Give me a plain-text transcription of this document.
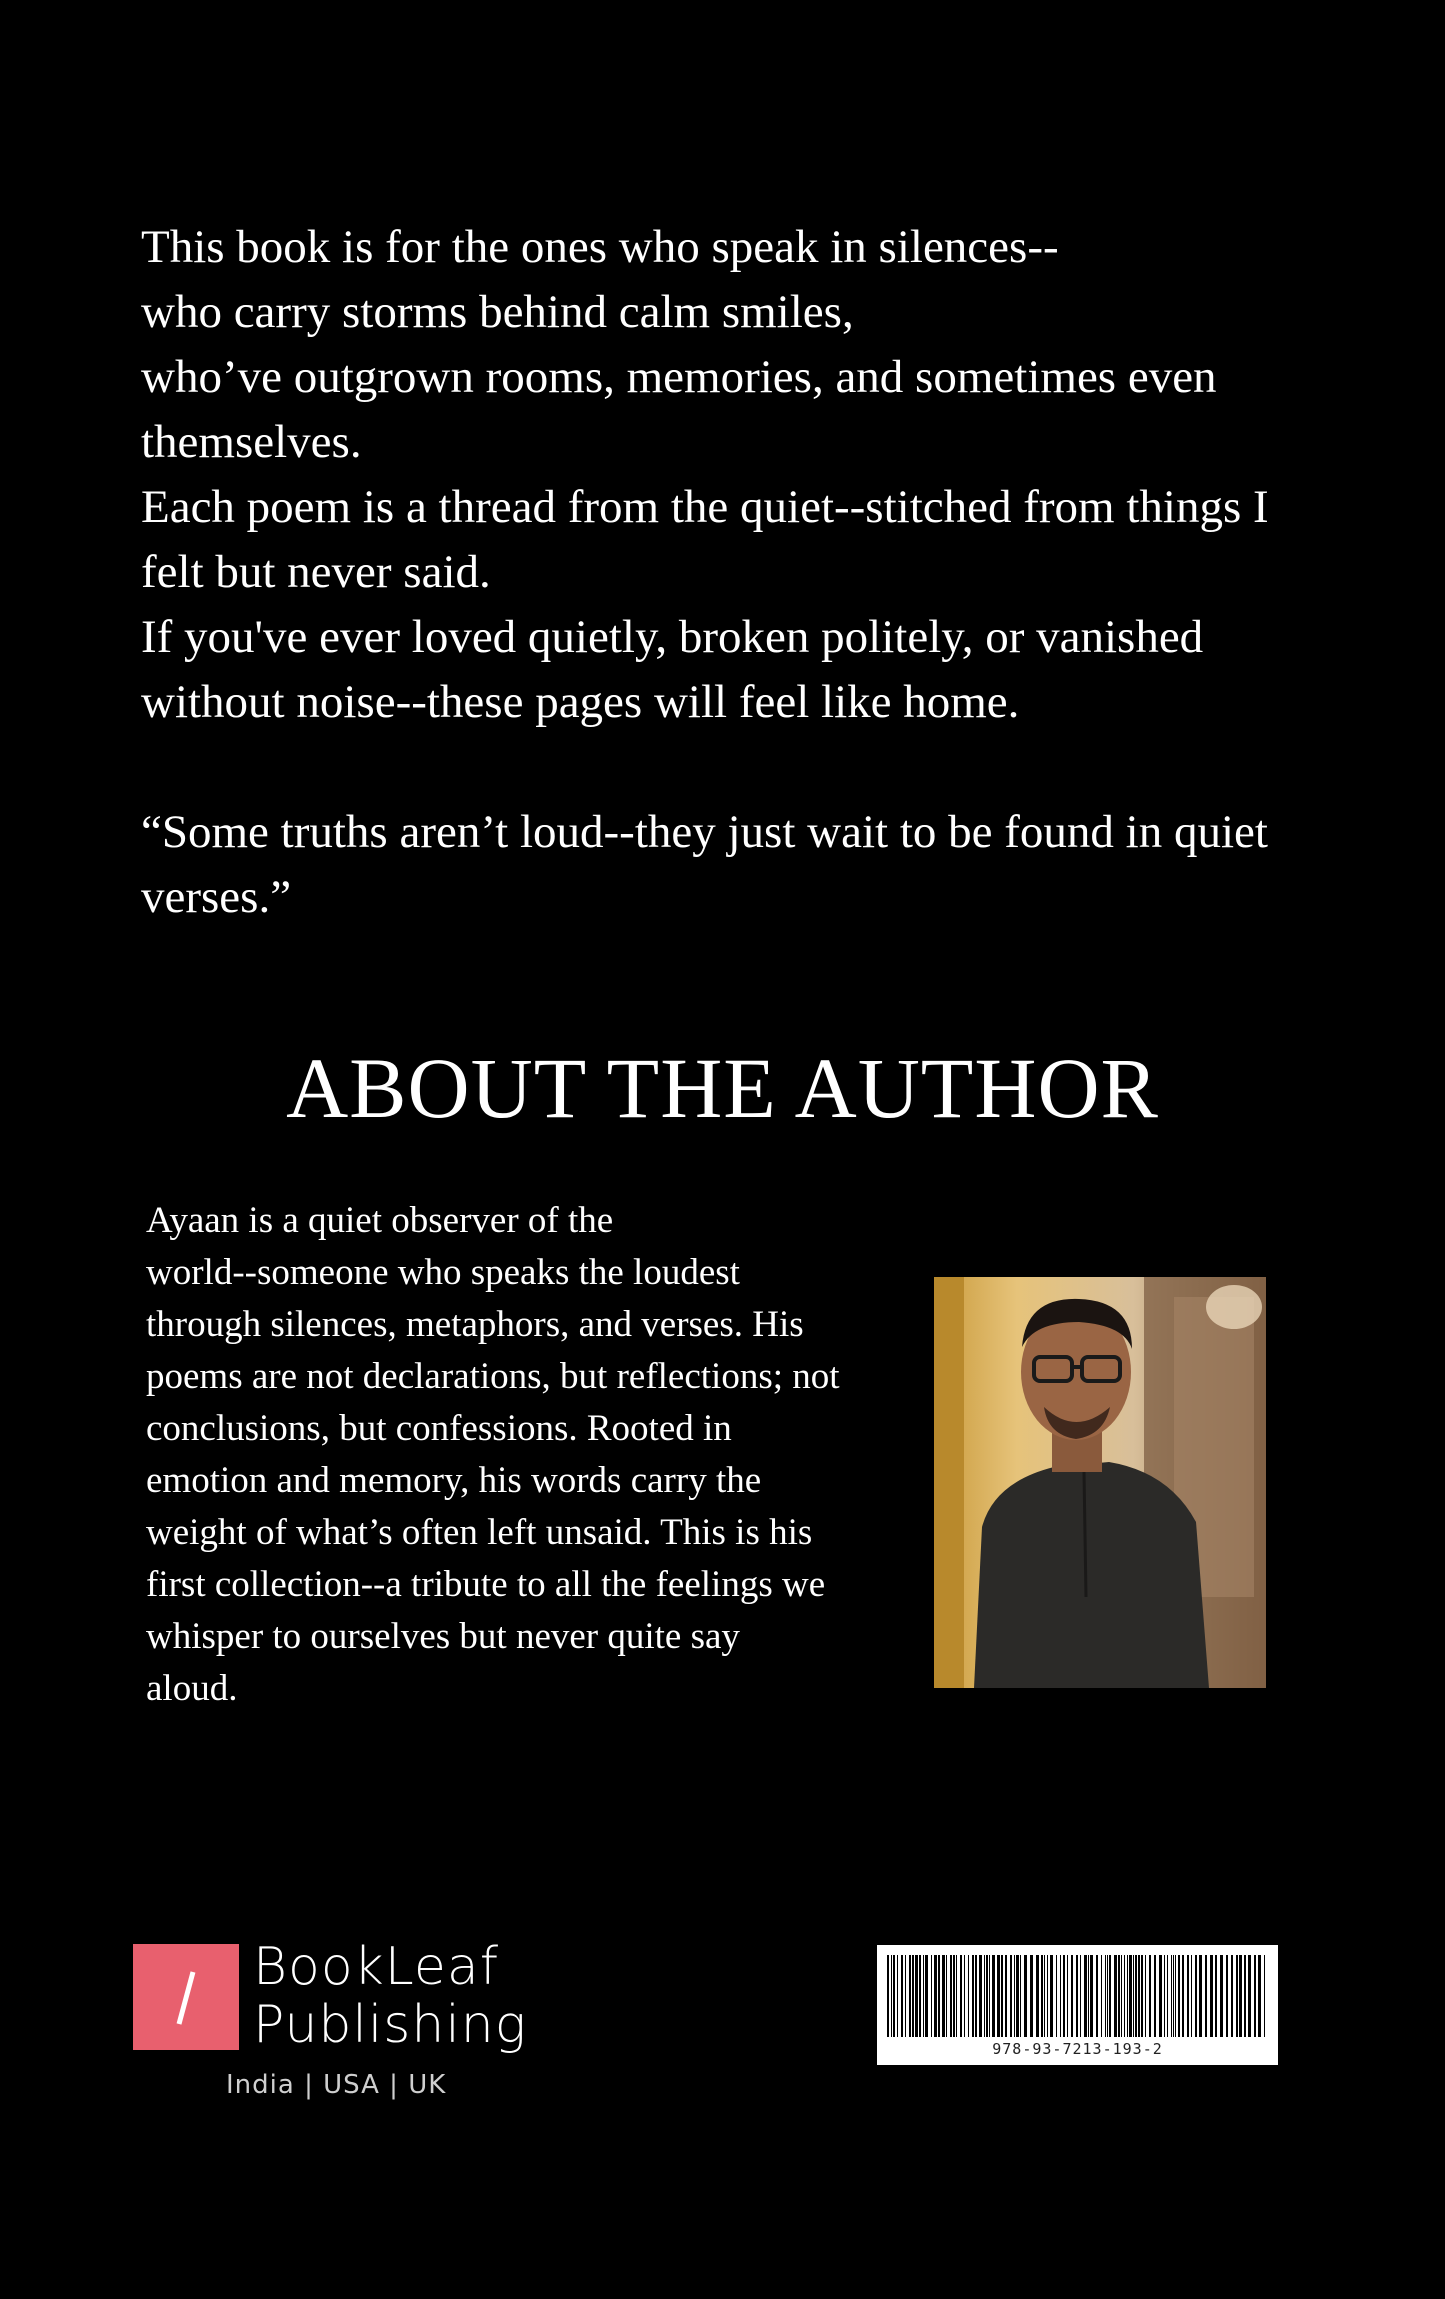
This book is for the ones who speak in silences--

who carry storms behind calm smiles,

who’ve outgrown rooms, memories, and sometimes even themselves.

Each poem is a thread from the quiet--stitched from things I felt but never said.

If you've ever loved quietly, broken politely, or vanished without noise--these pages will feel like home.

“Some truths aren’t loud--they just wait to be found in quiet verses.”

ABOUT THE AUTHOR
Ayaan is a quiet observer of the
world--someone who speaks the loudest
through silences, metaphors, and verses. His
poems are not declarations, but reflections; not
conclusions, but confessions. Rooted in
emotion and memory, his words carry the
weight of what’s often left unsaid. This is his
first collection--a tribute to all the feelings we
whisper to ourselves but never quite say
aloud.
BookLeaf
Publishing
India | USA | UK
978-93-7213-193-2
